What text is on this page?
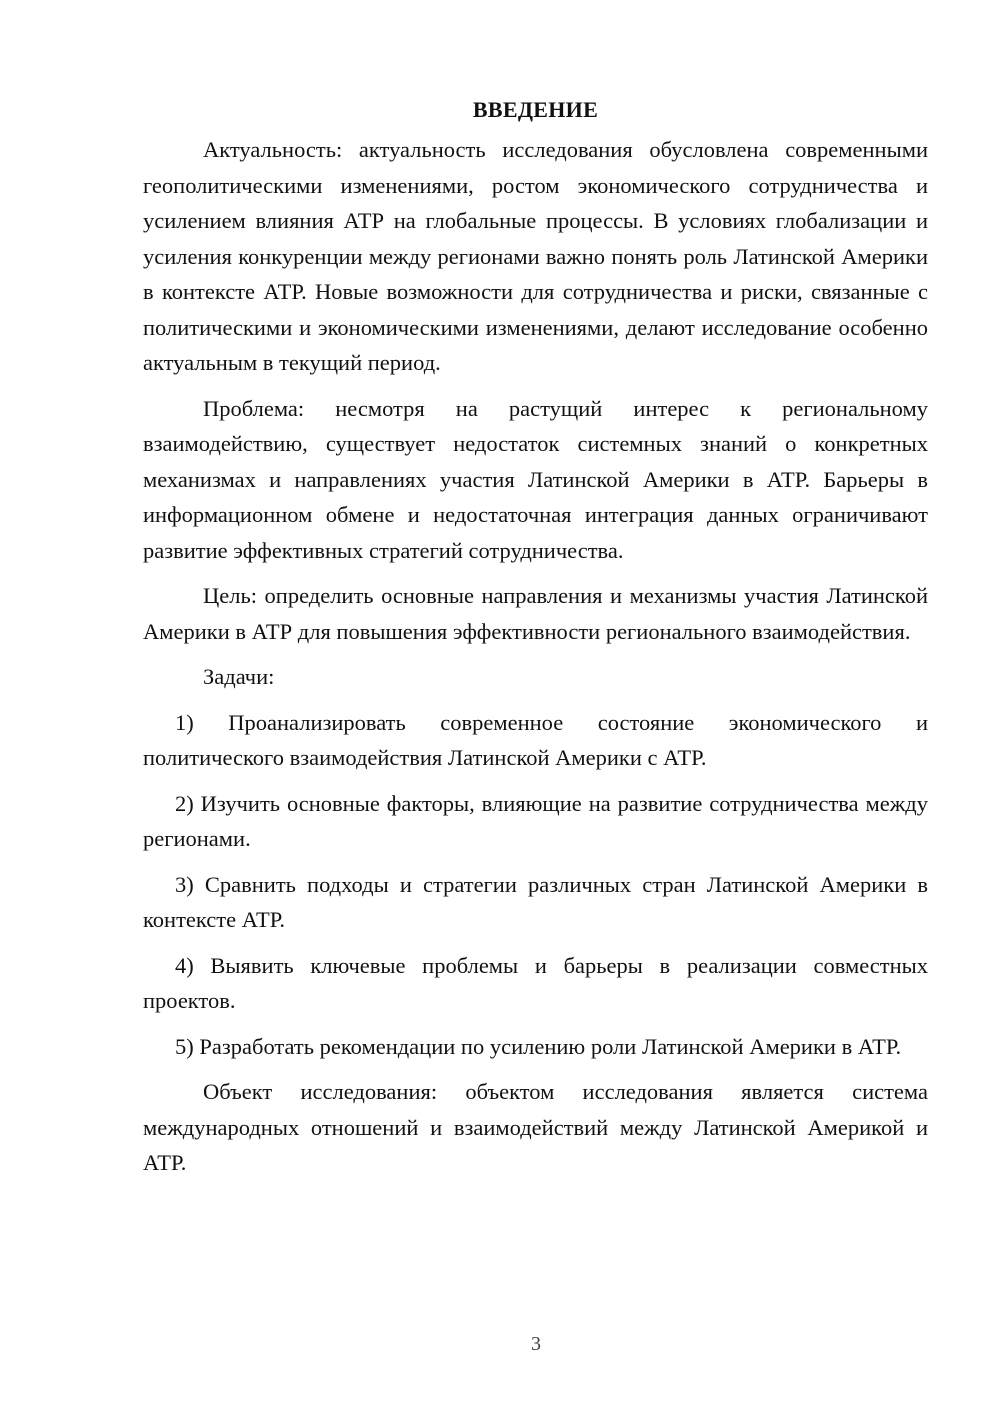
ВВЕДЕНИЕ

Актуальность: актуальность исследования обусловлена современными геополитическими изменениями, ростом экономического сотрудничества и усилением влияния АТР на глобальные процессы. В условиях глобализации и усиления конкуренции между регионами важно понять роль Латинской Америки в контексте АТР. Новые возможности для сотрудничества и риски, связанные с политическими и экономическими изменениями, делают исследование особенно актуальным в текущий период.

Проблема: несмотря на растущий интерес к региональному взаимодействию, существует недостаток системных знаний о конкретных механизмах и направлениях участия Латинской Америки в АТР. Барьеры в информационном обмене и недостаточная интеграция данных ограничивают развитие эффективных стратегий сотрудничества.

Цель: определить основные направления и механизмы участия Латинской Америки в АТР для повышения эффективности регионального взаимодействия.

Задачи:

1) Проанализировать современное состояние экономического и политического взаимодействия Латинской Америки с АТР.

2) Изучить основные факторы, влияющие на развитие сотрудничества между регионами.

3) Сравнить подходы и стратегии различных стран Латинской Америки в контексте АТР.

4) Выявить ключевые проблемы и барьеры в реализации совместных проектов.

5) Разработать рекомендации по усилению роли Латинской Америки в АТР.

Объект исследования: объектом исследования является система международных отношений и взаимодействий между Латинской Америкой и АТР.

3
